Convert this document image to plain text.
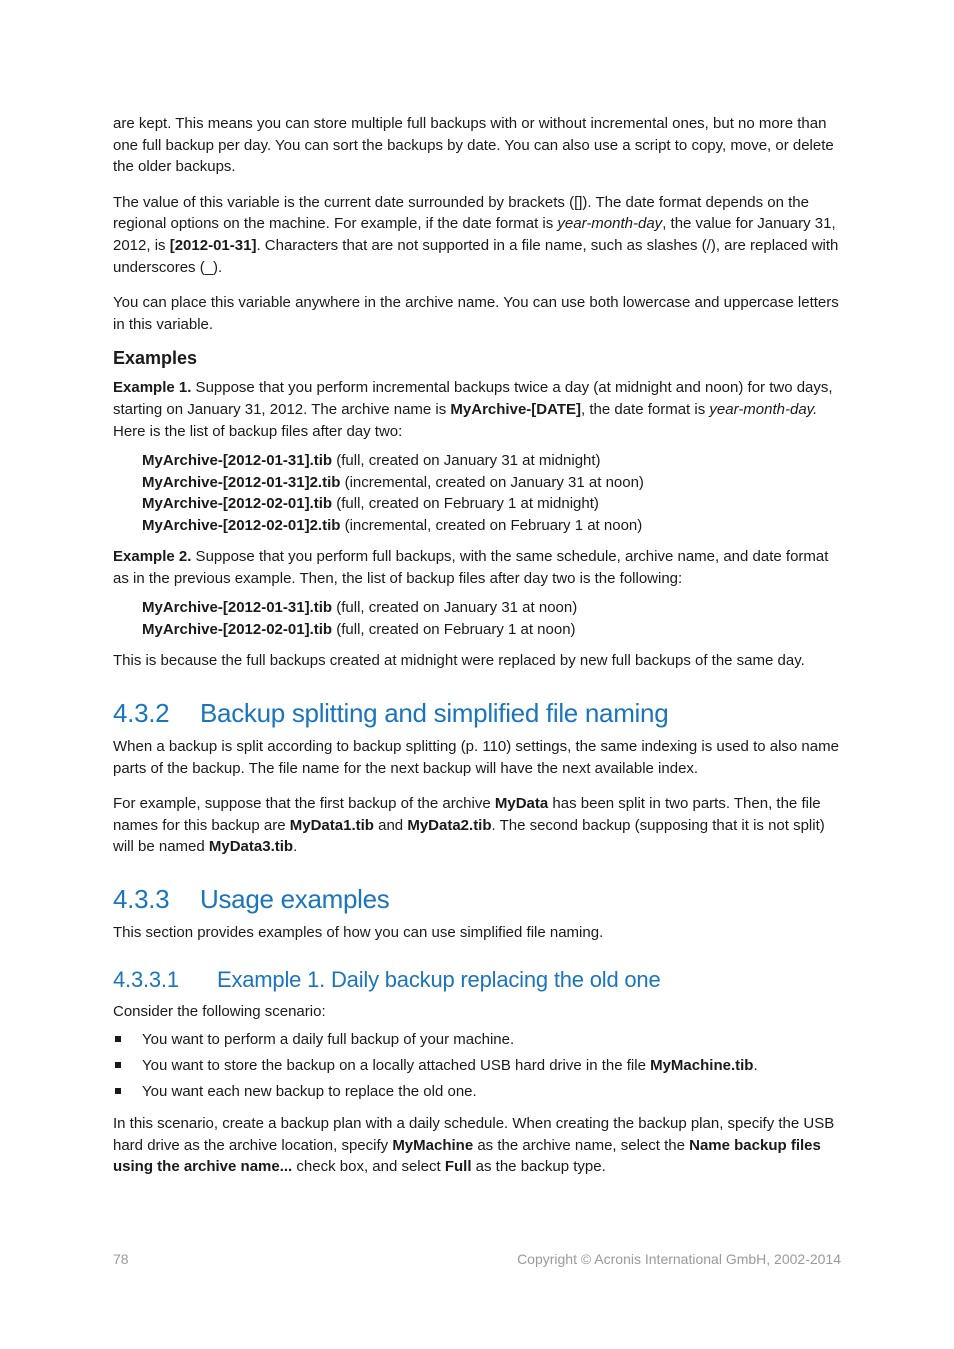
are kept. This means you can store multiple full backups with or without incremental ones, but no more than one full backup per day. You can sort the backups by date. You can also use a script to copy, move, or delete the older backups.

The value of this variable is the current date surrounded by brackets ([]). The date format depends on the regional options on the machine. For example, if the date format is year-month-day, the value for January 31, 2012, is [2012-01-31]. Characters that are not supported in a file name, such as slashes (/), are replaced with underscores (_).

You can place this variable anywhere in the archive name. You can use both lowercase and uppercase letters in this variable.

Examples

Example 1. Suppose that you perform incremental backups twice a day (at midnight and noon) for two days, starting on January 31, 2012. The archive name is MyArchive-[DATE], the date format is year-month-day. Here is the list of backup files after day two:

MyArchive-[2012-01-31].tib (full, created on January 31 at midnight)

MyArchive-[2012-01-31]2.tib (incremental, created on January 31 at noon)

MyArchive-[2012-02-01].tib (full, created on February 1 at midnight)

MyArchive-[2012-02-01]2.tib (incremental, created on February 1 at noon)

Example 2. Suppose that you perform full backups, with the same schedule, archive name, and date format as in the previous example. Then, the list of backup files after day two is the following:

MyArchive-[2012-01-31].tib (full, created on January 31 at noon)

MyArchive-[2012-02-01].tib (full, created on February 1 at noon)

This is because the full backups created at midnight were replaced by new full backups of the same day.

4.3.2 Backup splitting and simplified file naming

When a backup is split according to backup splitting (p. 110) settings, the same indexing is used to also name parts of the backup. The file name for the next backup will have the next available index.

For example, suppose that the first backup of the archive MyData has been split in two parts. Then, the file names for this backup are MyData1.tib and MyData2.tib. The second backup (supposing that it is not split) will be named MyData3.tib.

4.3.3 Usage examples

This section provides examples of how you can use simplified file naming.

4.3.3.1 Example 1. Daily backup replacing the old one

Consider the following scenario:

You want to perform a daily full backup of your machine.
You want to store the backup on a locally attached USB hard drive in the file MyMachine.tib.
You want each new backup to replace the old one.

In this scenario, create a backup plan with a daily schedule. When creating the backup plan, specify the USB hard drive as the archive location, specify MyMachine as the archive name, select the Name backup files using the archive name... check box, and select Full as the backup type.

78	Copyright © Acronis International GmbH, 2002-2014
